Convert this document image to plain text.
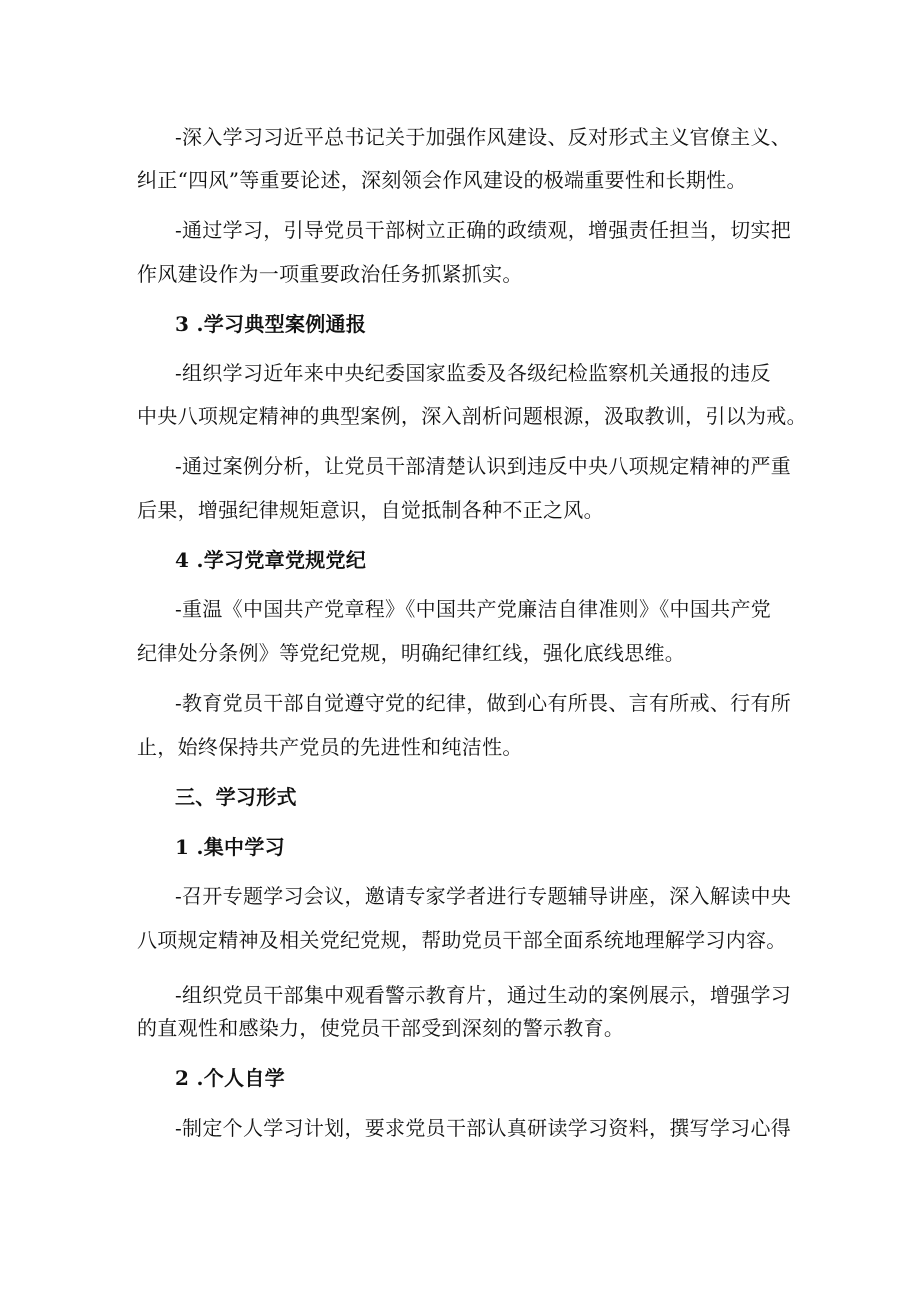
-深入学习习近平总书记关于加强作风建设、反对形式主义官僚主义、
纠正“四风”等重要论述，深刻领会作风建设的极端重要性和长期性。
-通过学习，引导党员干部树立正确的政绩观，增强责任担当，切实把
作风建设作为一项重要政治任务抓紧抓实。
3 .学习典型案例通报
-组织学习近年来中央纪委国家监委及各级纪检监察机关通报的违反
中央八项规定精神的典型案例，深入剖析问题根源，汲取教训，引以为戒。
-通过案例分析，让党员干部清楚认识到违反中央八项规定精神的严重
后果，增强纪律规矩意识，自觉抵制各种不正之风。
4 .学习党章党规党纪
-重温《中国共产党章程》《中国共产党廉洁自律准则》《中国共产党
纪律处分条例》等党纪党规，明确纪律红线，强化底线思维。
-教育党员干部自觉遵守党的纪律，做到心有所畏、言有所戒、行有所
止，始终保持共产党员的先进性和纯洁性。
三、学习形式
1 .集中学习
-召开专题学习会议，邀请专家学者进行专题辅导讲座，深入解读中央
八项规定精神及相关党纪党规，帮助党员干部全面系统地理解学习内容。
-组织党员干部集中观看警示教育片，通过生动的案例展示，增强学习
的直观性和感染力，使党员干部受到深刻的警示教育。
2 .个人自学
-制定个人学习计划，要求党员干部认真研读学习资料，撰写学习心得
